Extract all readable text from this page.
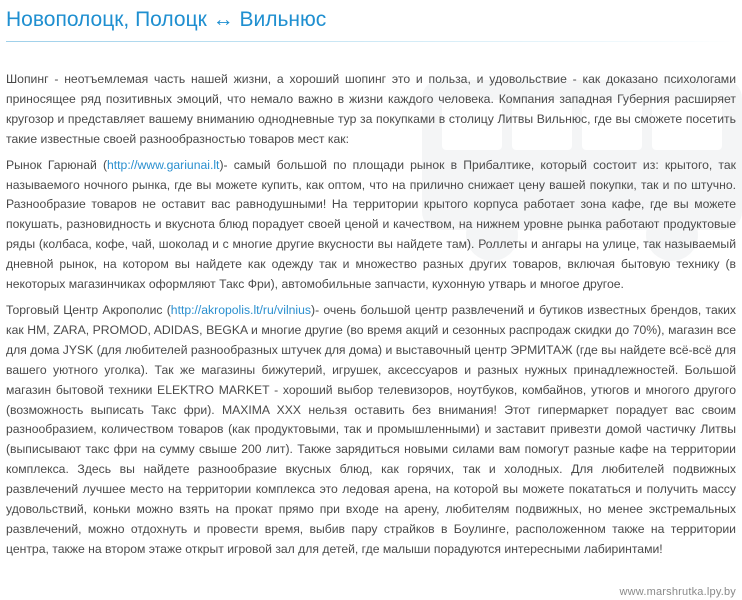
Новополоцк, Полоцк ↔ Вильнюс

Шопинг - неотъемлемая часть нашей жизни, а хороший шопинг это и польза, и удовольствие - как доказано психологами приносящее ряд позитивных эмоций, что немало важно в жизни каждого человека. Компания западная Губерния расширяет кругозор и представляет вашему вниманию однодневные тур за покупками в столицу Литвы Вильнюс, где вы сможете посетить такие известные своей разнообразностью товаров мест как:

Рынок Гарюнай (http://www.gariunai.lt)- самый большой по площади рынок в Прибалтике, который состоит из: крытого, так называемого ночного рынка, где вы можете купить, как оптом, что на прилично снижает цену вашей покупки, так и по штучно. Разнообразие товаров не оставит вас равнодушными! На территории крытого корпуса работает зона кафе, где вы можете покушать, разновидность и вкуснота блюд порадует своей ценой и качеством, на нижнем уровне рынка работают продуктовые ряды (колбаса, кофе, чай, шоколад и с многие другие вкусности вы найдете там). Роллеты и ангары на улице, так называемый дневной рынок, на котором вы найдете как одежду так и множество разных других товаров, включая бытовую технику (в некоторых магазинчиках оформляют Такс Фри), автомобильные запчасти, кухонную утварь и многое другое.

Торговый Центр Акрополис (http://akropolis.lt/ru/vilnius)- очень большой центр развлечений и бутиков известных брендов, таких как HM, ZARA, PROMOD, ADIDAS, BEGKA и многие другие (во время акций и сезонных распродаж скидки до 70%), магазин все для дома JYSK (для любителей разнообразных штучек для дома) и выставочный центр ЭРМИТАЖ (где вы найдете всё-всё для вашего уютного уголка). Так же магазины бижутерий, игрушек, аксессуаров и разных нужных принадлежностей. Большой магазин бытовой техники ELEKTRO MARKET - хороший выбор телевизоров, ноутбуков, комбайнов, утюгов и многого другого (возможность выписать Такс фри). MAXIMA XXX нельзя оставить без внимания! Этот гипермаркет порадует вас своим разнообразием, количеством товаров (как продуктовыми, так и промышленными) и заставит привезти домой частичку Литвы (выписывают такс фри на сумму свыше 200 лит). Также зарядиться новыми силами вам помогут разные кафе на территории комплекса. Здесь вы найдете разнообразие вкусных блюд, как горячих, так и холодных. Для любителей подвижных развлечений лучшее место на территории комплекса это ледовая арена, на которой вы можете покататься и получить массу удовольствий, коньки можно взять на прокат прямо при входе на арену, любителям подвижных, но менее экстремальных развлечений, можно отдохнуть и провести время, выбив пару страйков в Боулинге, расположенном также на территории центра, также на втором этаже открыт игровой зал для детей, где малыши порадуются интересными лабиринтами!

www.marshrutka.lpy.by
